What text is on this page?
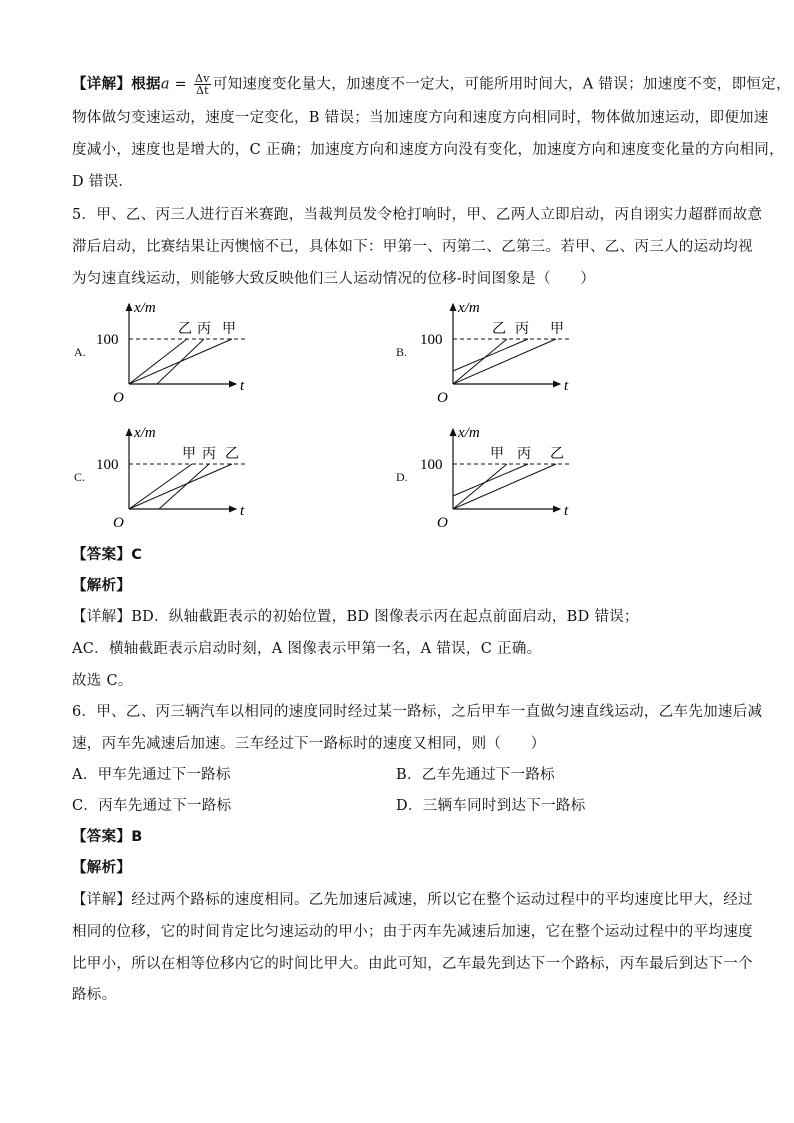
【详解】根据$a = \frac{\Delta v}{\Delta t}$ 可知速度变化量大，加速度不一定大，可能所用时间大，A 错误；加速度不变，即恒定，
物体做匀变速运动，速度一定变化，B 错误；当加速度方向和速度方向相同时，物体做加速运动，即便加速
度减小，速度也是增大的，C 正确；加速度方向和速度方向没有变化，加速度方向和速度变化量的方向相同，
D 错误．
5．甲、乙、丙三人进行百米赛跑，当裁判员发令枪打响时，甲、乙两人立即启动，丙自诩实力超群而故意
滞后启动，比赛结果让丙懊恼不已，具体如下：甲第一、丙第二、乙第三。若甲、乙、丙三人的运动均视
为匀速直线运动，则能够大致反映他们三人运动情况的位移-时间图象是（　　）
A.
x/m
t
O
100
乙 丙 甲
B.
x/m
t
O
100
乙 丙 甲
C.
x/m
t
O
100
甲 丙 乙
D.
x/m
t
O
100
甲 丙 乙
【答案】C
【解析】
【详解】BD．纵轴截距表示的初始位置，BD 图像表示丙在起点前面启动，BD 错误；
AC．横轴截距表示启动时刻，A 图像表示甲第一名，A 错误，C 正确。
故选 C。
6．甲、乙、丙三辆汽车以相同的速度同时经过某一路标，之后甲车一直做匀速直线运动，乙车先加速后减
速，丙车先减速后加速。三车经过下一路标时的速度又相同，则（　　）
A．甲车先通过下一路标	B．乙车先通过下一路标
C．丙车先通过下一路标	D．三辆车同时到达下一路标
【答案】B
【解析】
【详解】经过两个路标的速度相同。乙先加速后减速，所以它在整个运动过程中的平均速度比甲大，经过
相同的位移，它的时间肯定比匀速运动的甲小；由于丙车先减速后加速，它在整个运动过程中的平均速度
比甲小，所以在相等位移内它的时间比甲大。由此可知，乙车最先到达下一个路标，丙车最后到达下一个
路标。
